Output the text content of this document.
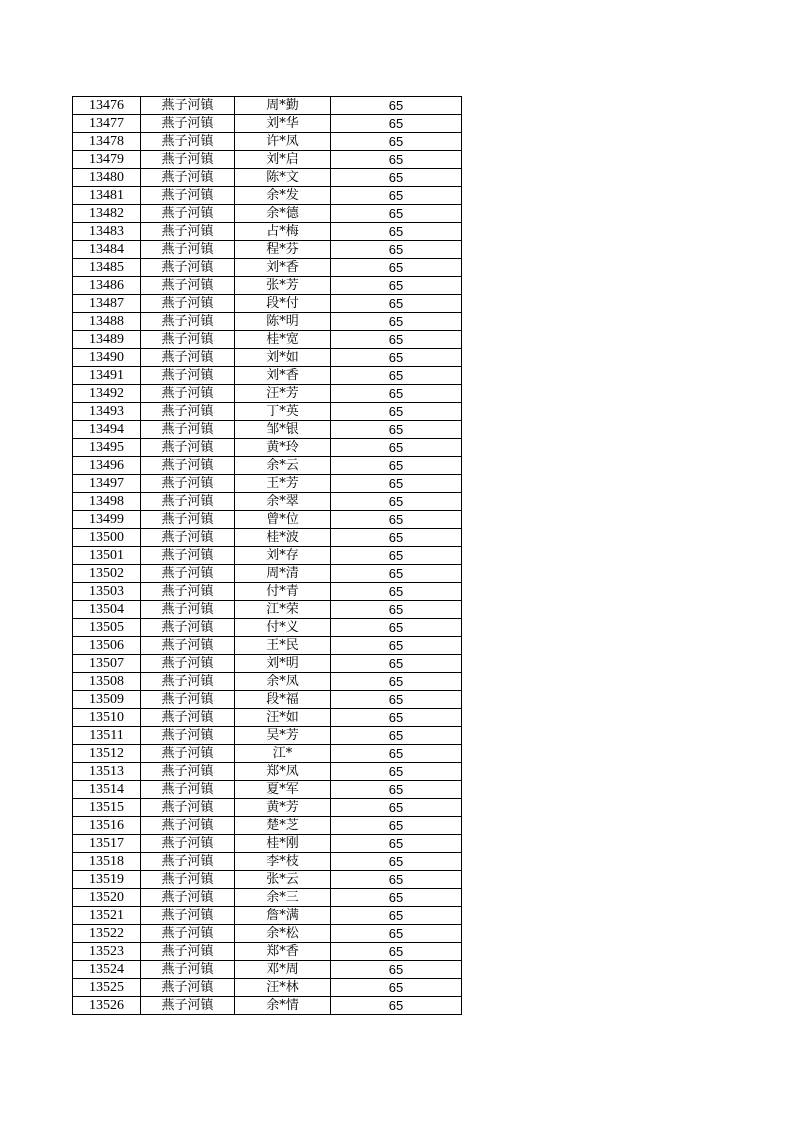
13476	燕子河镇	周*勤	65
13477	燕子河镇	刘*华	65
13478	燕子河镇	许*凤	65
13479	燕子河镇	刘*启	65
13480	燕子河镇	陈*文	65
13481	燕子河镇	余*发	65
13482	燕子河镇	余*德	65
13483	燕子河镇	占*梅	65
13484	燕子河镇	程*芬	65
13485	燕子河镇	刘*香	65
13486	燕子河镇	张*芳	65
13487	燕子河镇	段*付	65
13488	燕子河镇	陈*明	65
13489	燕子河镇	桂*宽	65
13490	燕子河镇	刘*如	65
13491	燕子河镇	刘*香	65
13492	燕子河镇	汪*芳	65
13493	燕子河镇	丁*英	65
13494	燕子河镇	邹*银	65
13495	燕子河镇	黄*玲	65
13496	燕子河镇	余*云	65
13497	燕子河镇	王*芳	65
13498	燕子河镇	余*翠	65
13499	燕子河镇	曾*位	65
13500	燕子河镇	桂*波	65
13501	燕子河镇	刘*存	65
13502	燕子河镇	周*清	65
13503	燕子河镇	付*青	65
13504	燕子河镇	江*荣	65
13505	燕子河镇	付*义	65
13506	燕子河镇	王*民	65
13507	燕子河镇	刘*明	65
13508	燕子河镇	余*凤	65
13509	燕子河镇	段*福	65
13510	燕子河镇	汪*如	65
13511	燕子河镇	吴*芳	65
13512	燕子河镇	江*	65
13513	燕子河镇	郑*凤	65
13514	燕子河镇	夏*军	65
13515	燕子河镇	黄*芳	65
13516	燕子河镇	楚*芝	65
13517	燕子河镇	桂*刚	65
13518	燕子河镇	李*枝	65
13519	燕子河镇	张*云	65
13520	燕子河镇	余*三	65
13521	燕子河镇	詹*满	65
13522	燕子河镇	余*松	65
13523	燕子河镇	郑*香	65
13524	燕子河镇	邓*周	65
13525	燕子河镇	汪*林	65
13526	燕子河镇	余*情	65
